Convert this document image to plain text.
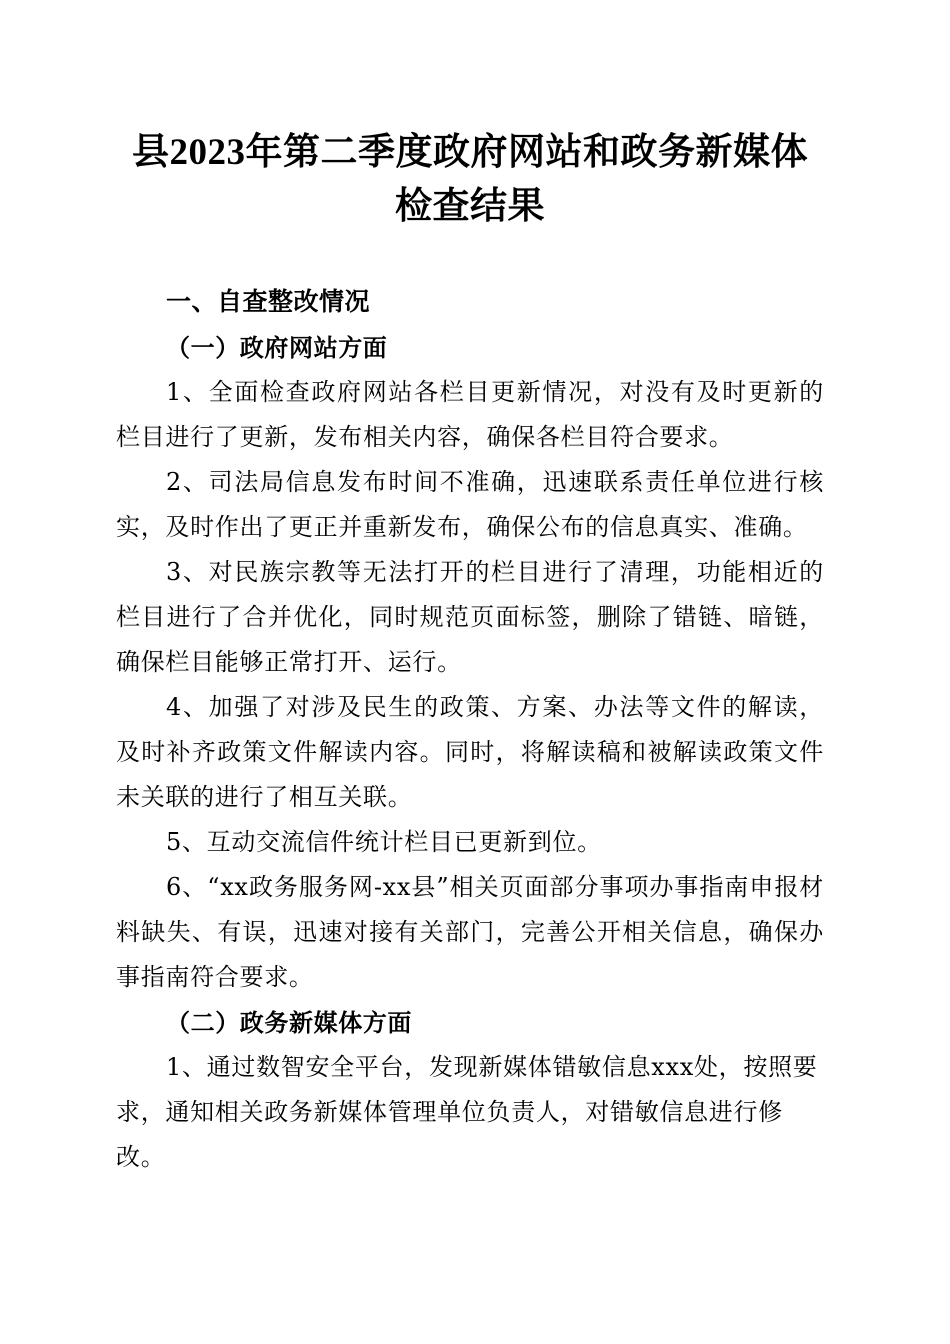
县2023年第二季度政府网站和政务新媒体检查结果
一、自查整改情况
（一）政府网站方面

1、全面检查政府网站各栏目更新情况，对没有及时更新的栏目进行了更新，发布相关内容，确保各栏目符合要求。

2、司法局信息发布时间不准确，迅速联系责任单位进行核实，及时作出了更正并重新发布，确保公布的信息真实、准确。

3、对民族宗教等无法打开的栏目进行了清理，功能相近的栏目进行了合并优化，同时规范页面标签，删除了错链、暗链，确保栏目能够正常打开、运行。

4、加强了对涉及民生的政策、方案、办法等文件的解读，及时补齐政策文件解读内容。同时，将解读稿和被解读政策文件未关联的进行了相互关联。

5、互动交流信件统计栏目已更新到位。

6、“xx政务服务网-xx县”相关页面部分事项办事指南申报材料缺失、有误，迅速对接有关部门，完善公开相关信息，确保办事指南符合要求。

（二）政务新媒体方面

1、通过数智安全平台，发现新媒体错敏信息xxx处，按照要求，通知相关政务新媒体管理单位负责人，对错敏信息进行修改。
